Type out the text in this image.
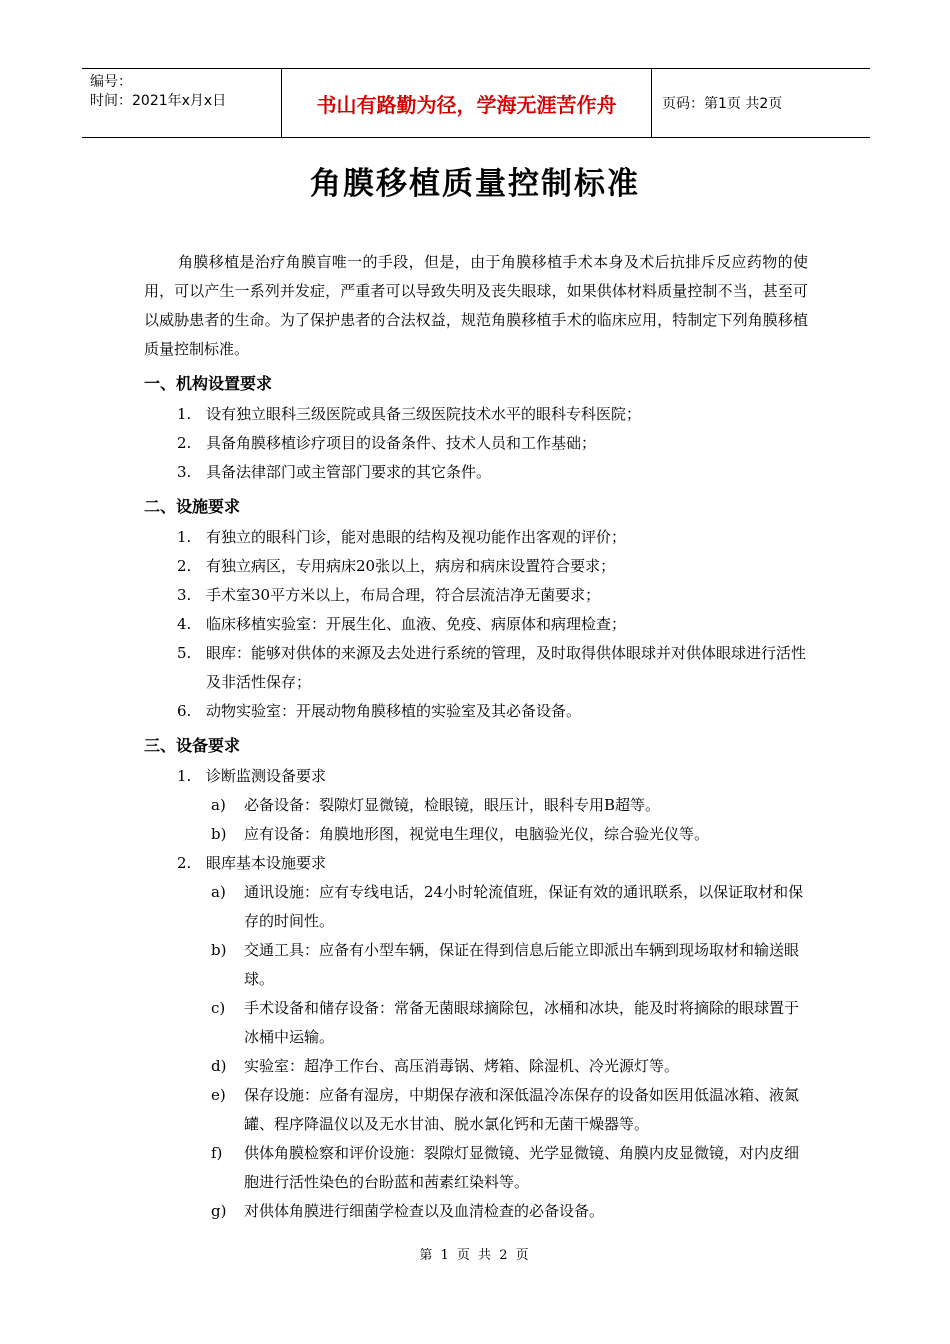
编号：
时间：2021年x月x日	书山有路勤为径，学海无涯苦作舟	页码：第1页 共2页
角膜移植质量控制标准

角膜移植是治疗角膜盲唯一的手段，但是，由于角膜移植手术本身及术后抗排斥反应药物的使用，可以产生一系列并发症，严重者可以导致失明及丧失眼球，如果供体材料质量控制不当，甚至可以威胁患者的生命。为了保护患者的合法权益，规范角膜移植手术的临床应用，特制定下列角膜移植质量控制标准。

一、机构设置要求
1. 设有独立眼科三级医院或具备三级医院技术水平的眼科专科医院；
2. 具备角膜移植诊疗项目的设备条件、技术人员和工作基础；
3. 具备法律部门或主管部门要求的其它条件。
二、设施要求
1. 有独立的眼科门诊，能对患眼的结构及视功能作出客观的评价；
2. 有独立病区，专用病床20张以上，病房和病床设置符合要求；
3. 手术室30平方米以上，布局合理，符合层流洁净无菌要求；
4. 临床移植实验室：开展生化、血液、免疫、病原体和病理检查；
5. 眼库：能够对供体的来源及去处进行系统的管理，及时取得供体眼球并对供体眼球进行活性及非活性保存；
6. 动物实验室：开展动物角膜移植的实验室及其必备设备。
三、设备要求
1. 诊断监测设备要求
a) 必备设备：裂隙灯显微镜，检眼镜，眼压计，眼科专用B超等。
b) 应有设备：角膜地形图，视觉电生理仪，电脑验光仪，综合验光仪等。
2. 眼库基本设施要求
a) 通讯设施：应有专线电话，24小时轮流值班，保证有效的通讯联系，以保证取材和保存的时间性。
b) 交通工具：应备有小型车辆，保证在得到信息后能立即派出车辆到现场取材和输送眼球。
c) 手术设备和储存设备：常备无菌眼球摘除包，冰桶和冰块，能及时将摘除的眼球置于冰桶中运输。
d) 实验室：超净工作台、高压消毒锅、烤箱、除湿机、冷光源灯等。
e) 保存设施：应备有湿房，中期保存液和深低温冷冻保存的设备如医用低温冰箱、液氮罐、程序降温仪以及无水甘油、脱水氯化钙和无菌干燥器等。
f) 供体角膜检察和评价设施：裂隙灯显微镜、光学显微镜、角膜内皮显微镜，对内皮细胞进行活性染色的台盼蓝和茜素红染料等。
g) 对供体角膜进行细菌学检查以及血清检查的必备设备。
第 1 页 共 2 页
